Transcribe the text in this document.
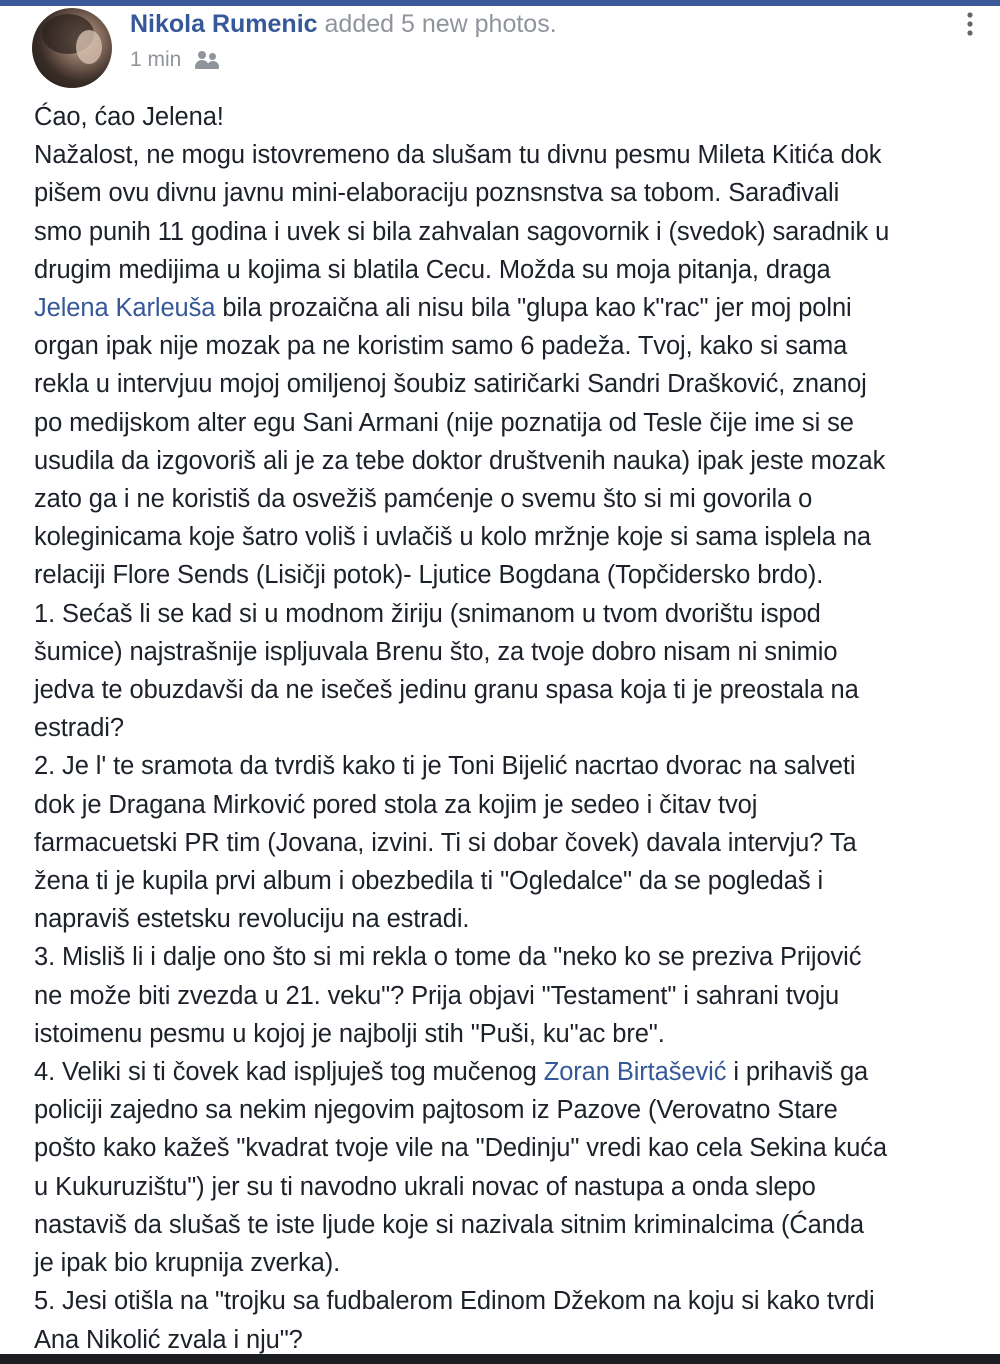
Nikola Rumenic added 5 new photos.
1 min
Ćao, ćao Jelena!
Nažalost, ne mogu istovremeno da slušam tu divnu pesmu Mileta Kitića dok
pišem ovu divnu javnu mini-elaboraciju poznsnstva sa tobom. Sarađivali
smo punih 11 godina i uvek si bila zahvalan sagovornik i (svedok) saradnik u
drugim medijima u kojima si blatila Cecu. Možda su moja pitanja, draga
Jelena Karleuša bila prozaična ali nisu bila "glupa kao k"rac" jer moj polni
organ ipak nije mozak pa ne koristim samo 6 padeža. Tvoj, kako si sama
rekla u intervjuu mojoj omiljenoj šoubiz satiričarki Sandri Drašković, znanoj
po medijskom alter egu Sani Armani (nije poznatija od Tesle čije ime si se
usudila da izgovoriš ali je za tebe doktor društvenih nauka) ipak jeste mozak
zato ga i ne koristiš da osvežiš pamćenje o svemu što si mi govorila o
koleginicama koje šatro voliš i uvlačiš u kolo mržnje koje si sama isplela na
relaciji Flore Sends (Lisičji potok)- Ljutice Bogdana (Topčidersko brdo).
1. Sećaš li se kad si u modnom žiriju (snimanom u tvom dvorištu ispod
šumice) najstrašnije ispljuvala Brenu što, za tvoje dobro nisam ni snimio
jedva te obuzdavši da ne isečeš jedinu granu spasa koja ti je preostala na
estradi?
2. Je l' te sramota da tvrdiš kako ti je Toni Bijelić nacrtao dvorac na salveti
dok je Dragana Mirković pored stola za kojim je sedeo i čitav tvoj
farmacuetski PR tim (Jovana, izvini. Ti si dobar čovek) davala intervju? Ta
žena ti je kupila prvi album i obezbedila ti "Ogledalce" da se pogledaš i
napraviš estetsku revoluciju na estradi.
3. Misliš li i dalje ono što si mi rekla o tome da "neko ko se preziva Prijović
ne može biti zvezda u 21. veku"? Prija objavi "Testament" i sahrani tvoju
istoimenu pesmu u kojoj je najbolji stih "Puši, ku"ac bre".
4. Veliki si ti čovek kad ispljuješ tog mučenog Zoran Birtašević i prihaviš ga
policiji zajedno sa nekim njegovim pajtosom iz Pazove (Verovatno Stare
pošto kako kažeš "kvadrat tvoje vile na "Dedinju" vredi kao cela Sekina kuća
u Kukuruzištu") jer su ti navodno ukrali novac of nastupa a onda slepo
nastaviš da slušaš te iste ljude koje si nazivala sitnim kriminalcima (Ćanda
je ipak bio krupnija zverka).
5. Jesi otišla na "trojku sa fudbalerom Edinom Džekom na koju si kako tvrdi
Ana Nikolić zvala i nju"?
